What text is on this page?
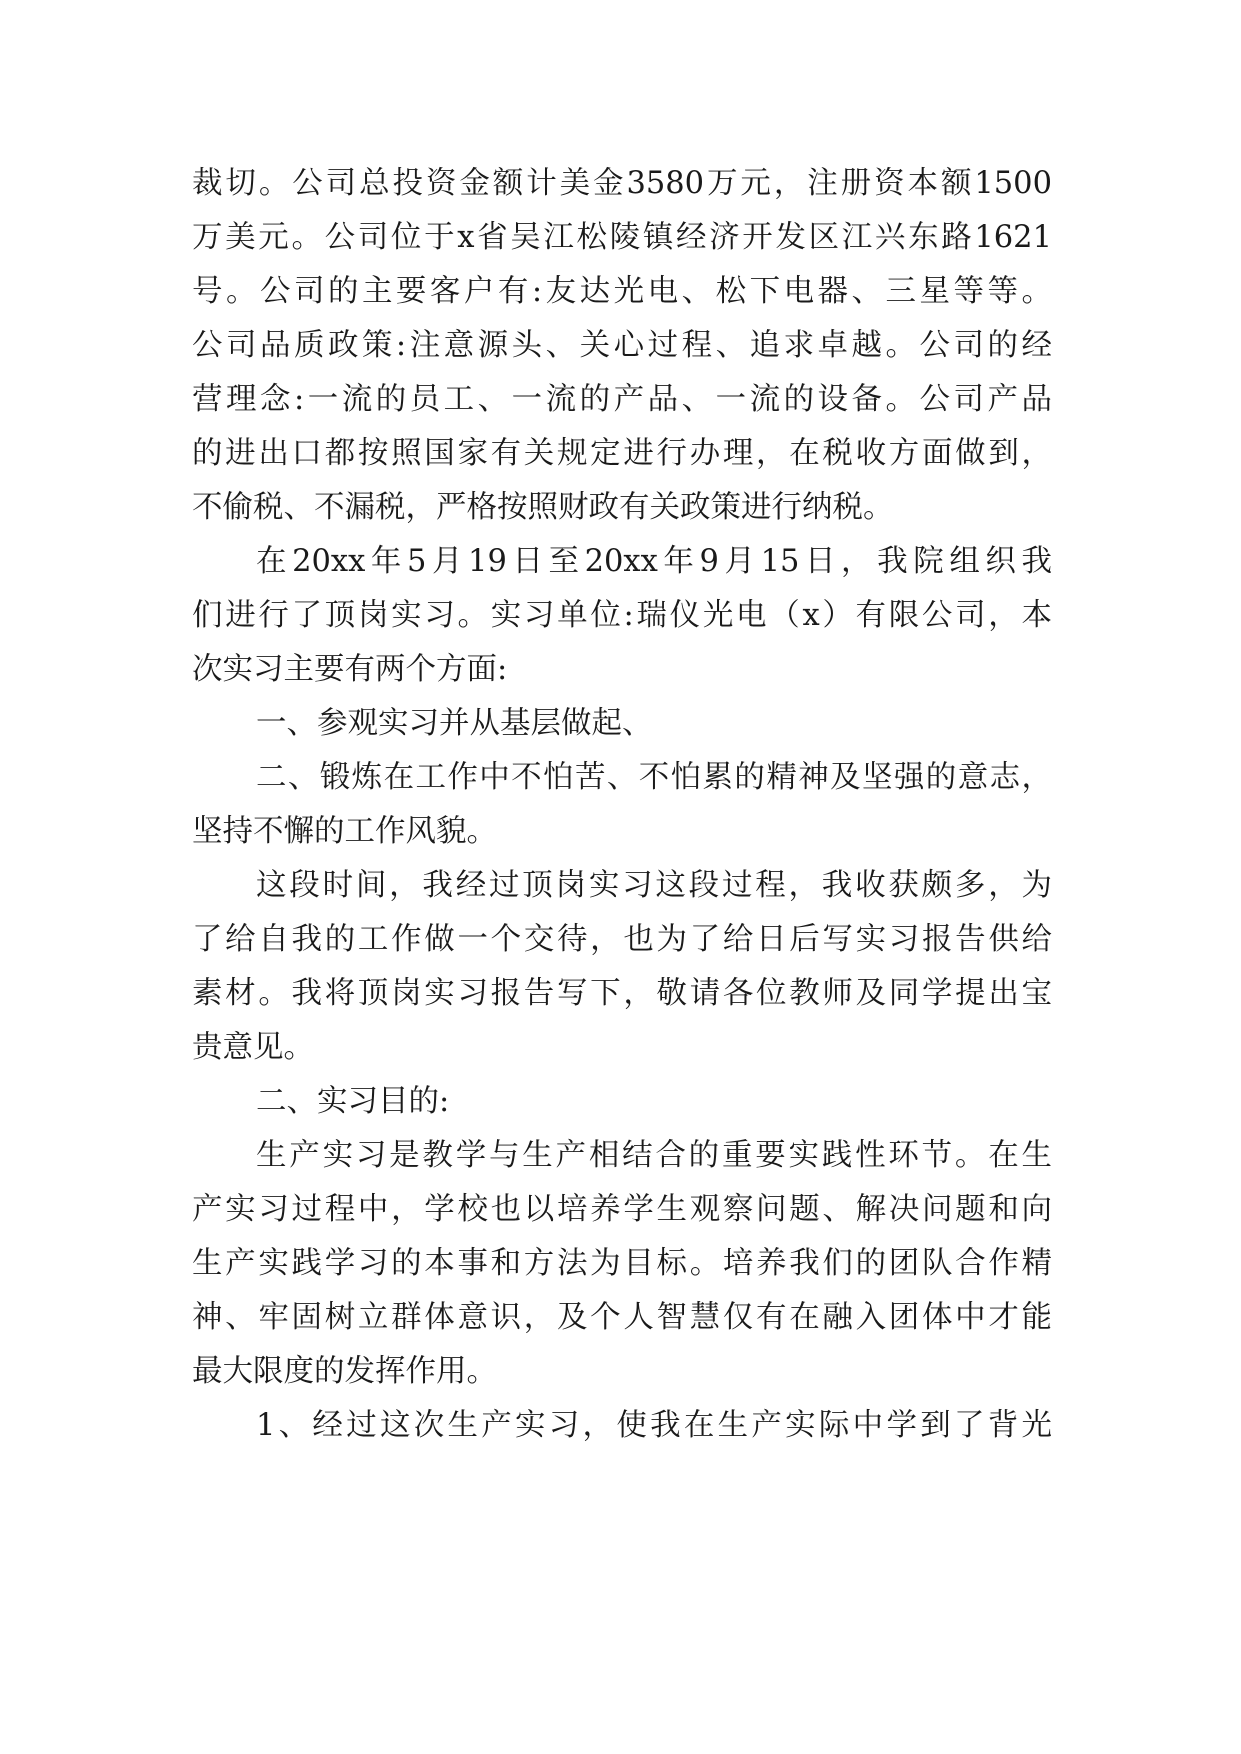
裁切。公司总投资金额计美金3580万元，注册资本额1500
万美元。公司位于x省吴江松陵镇经济开发区江兴东路1621
号。公司的主要客户有:友达光电、松下电器、三星等等。
公司品质政策:注意源头、关心过程、追求卓越。公司的经
营理念:一流的员工、一流的产品、一流的设备。公司产品
的进出口都按照国家有关规定进行办理，在税收方面做到，
不偷税、不漏税，严格按照财政有关政策进行纳税。
在20xx年5月19日至20xx年9月15日，我院组织我
们进行了顶岗实习。实习单位:瑞仪光电（x）有限公司，本
次实习主要有两个方面:
一、参观实习并从基层做起、
二、锻炼在工作中不怕苦、不怕累的精神及坚强的意志，
坚持不懈的工作风貌。
这段时间，我经过顶岗实习这段过程，我收获颇多，为
了给自我的工作做一个交待，也为了给日后写实习报告供给
素材。我将顶岗实习报告写下，敬请各位教师及同学提出宝
贵意见。
二、实习目的:
生产实习是教学与生产相结合的重要实践性环节。在生
产实习过程中，学校也以培养学生观察问题、解决问题和向
生产实践学习的本事和方法为目标。培养我们的团队合作精
神、牢固树立群体意识，及个人智慧仅有在融入团体中才能
最大限度的发挥作用。
1、经过这次生产实习，使我在生产实际中学到了背光
